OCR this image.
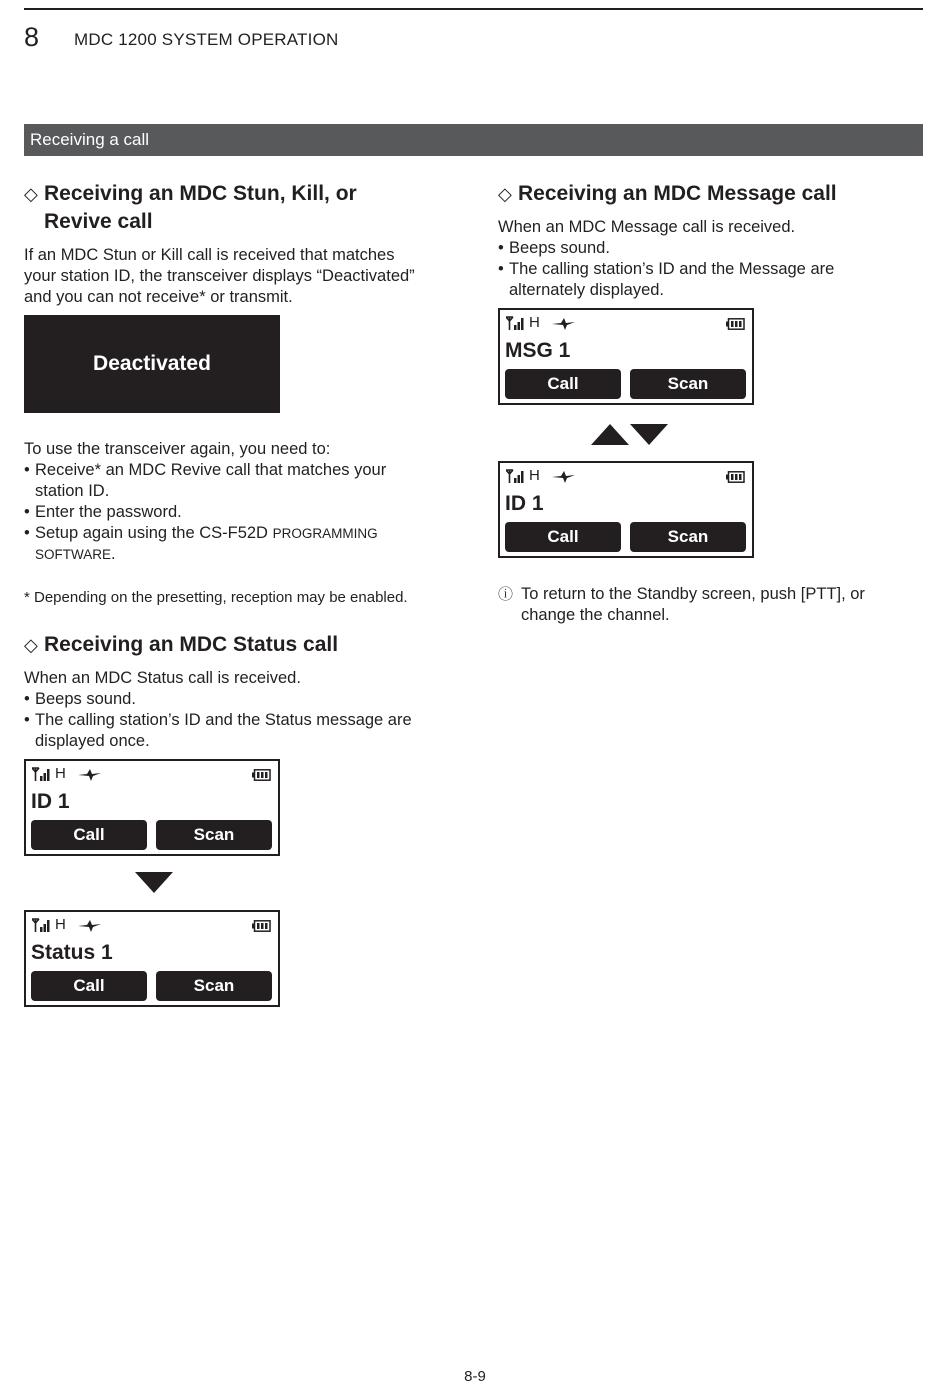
8 MDC 1200 SYSTEM OPERATION
Receiving a call
◇ Receiving an MDC Stun, Kill, or
Revive call
If an MDC Stun or Kill call is received that matches
your station ID, the transceiver displays “Deactivated”
and you can not receive* or transmit.
Deactivated
To use the transceiver again, you need to:
• Receive* an MDC Revive call that matches your
station ID.
• Enter the password.
• Setup again using the CS-F52D PROGRAMMING
SOFTWARE.
* Depending on the presetting, reception may be enabled.
◇ Receiving an MDC Status call
When an MDC Status call is received.
• Beeps sound.
• The calling station’s ID and the Status message are
displayed once.
H
ID 1
Call	Scan
H
Status 1
Call	Scan
◇ Receiving an MDC Message call
When an MDC Message call is received.
• Beeps sound.
• The calling station’s ID and the Message are
alternately displayed.
H
MSG 1
Call	Scan
H
ID 1
Call	Scan
ⓘ To return to the Standby screen, push [PTT], or
change the channel.
8-9
